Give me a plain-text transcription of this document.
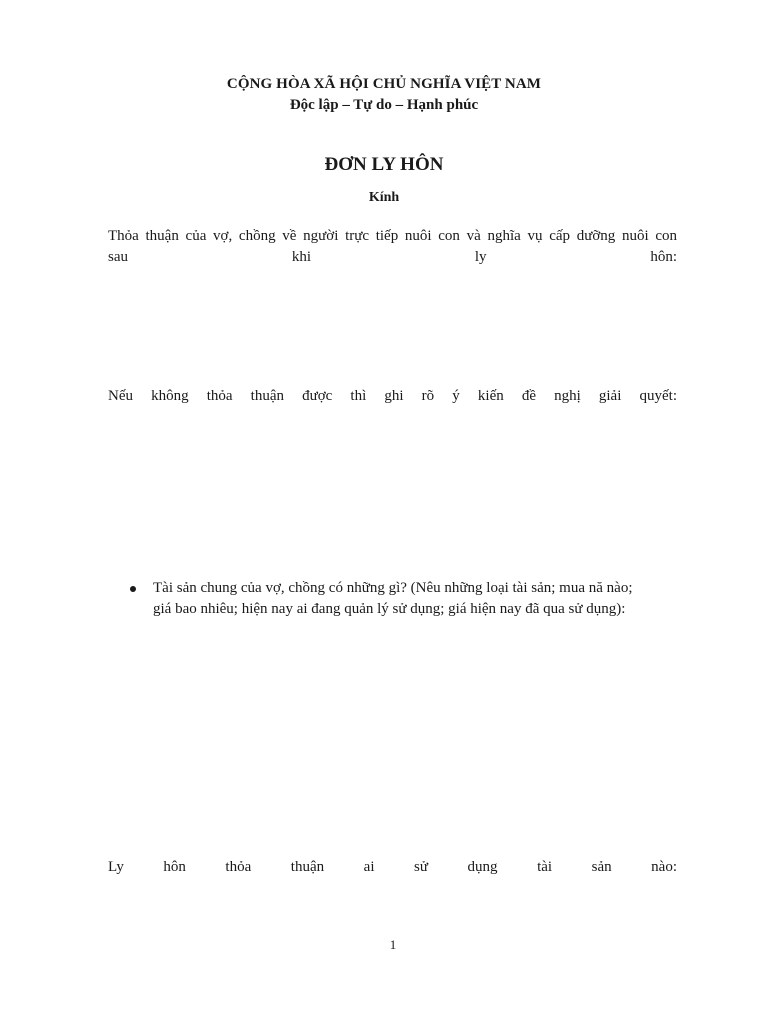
CỘNG HÒA XÃ HỘI CHỦ NGHĨA VIỆT NAM

Độc lập – Tự do – Hạnh phúc

ĐƠN LY HÔN

Kính

Thỏa thuận của vợ, chồng về người trực tiếp nuôi con và nghĩa vụ cấp dưỡng nuôi con

sau khi ly hôn:

Nếu không thỏa thuận được thì ghi rõ ý kiến đề nghị giải quyết:

Tài sản chung của vợ, chồng có những gì? (Nêu những loại tài sản; mua nă nào;

giá bao nhiêu; hiện nay ai đang quản lý sử dụng; giá hiện nay đã qua sử dụng):

Ly hôn thỏa thuận ai sử dụng tài sản nào:

1
